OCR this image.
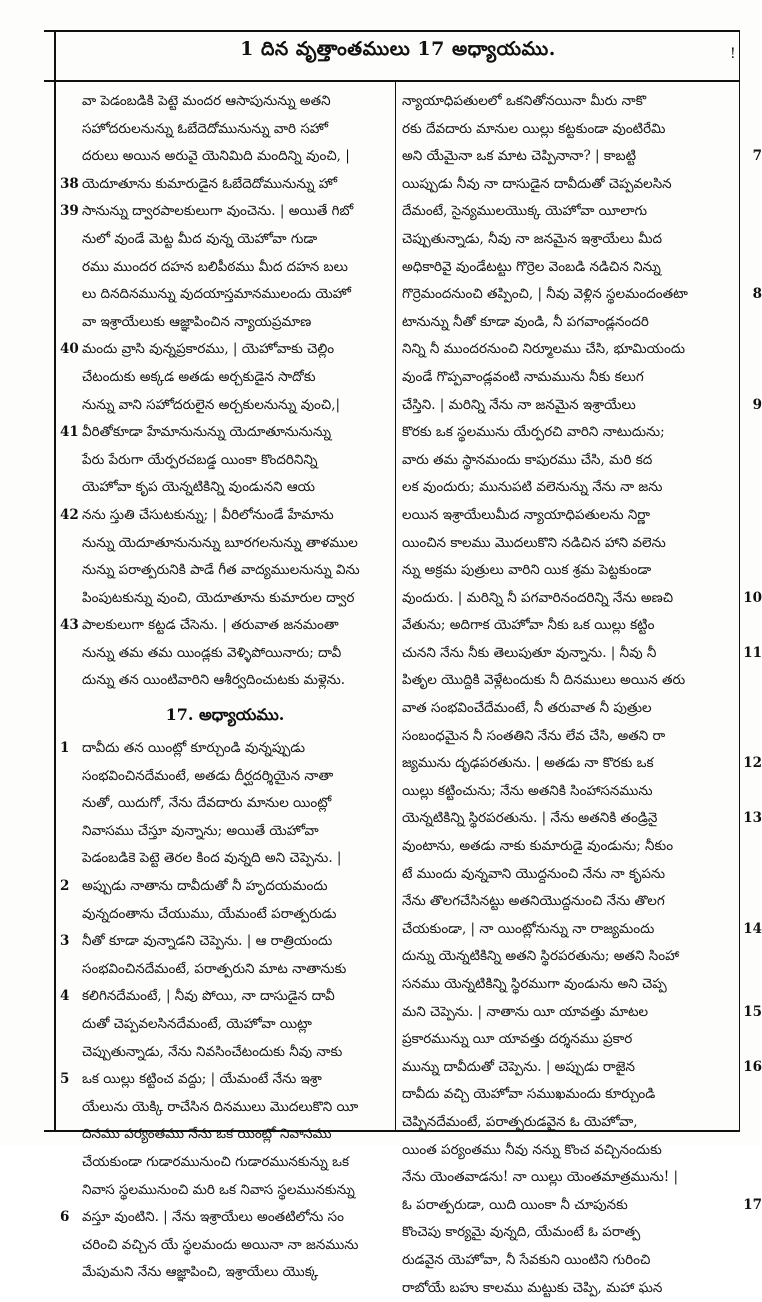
1 దిన వృత్తాంతములు 17 అధ్యాయము.	!
వా పెడంబడికి పెట్టె మందర ఆసాపునున్ను అతని
సహోదరులనున్ను ఓబేదెదోమునున్ను వారి సహో
దరులు అయిన అరువై యెనిమిది మందిన్ని వుంచి, |
38 యెదూతూను కుమారుడైన ఓబేదెదోమునున్ను హో
39 సానున్ను ద్వారపాలకులుగా వుంచెను. | అయితే గిబో
నులో వుండే మెట్ట మీద వున్న యెహోవా గుడా
రము ముందర దహన బలిపీఠము మీద దహన బలు
లు దినదినమున్ను వుదయాస్తమానములందు యెహో
వా ఇశ్రాయేలుకు ఆజ్ఞాపించిన న్యాయప్రమాణ
40 మందు వ్రాసి వున్నప్రకారము, | యెహోవాకు చెల్లిం
చేటందుకు అక్కడ అతడు అర్చకుడైన సాదోకు
నున్ను వాని సహోదరులైన అర్చకులనున్ను వుంచి,|
41 వీరితోకూడా హేమానునున్ను యెదూతూనునున్ను
పేరు పేరుగా యేర్పరచబడ్డ యింకా కొందరినిన్ని
యెహోవా కృప యెన్నటికిన్ని వుండునని ఆయ
42 నను స్తుతి చేసుటకున్ను; | వీరిలోనుండే హేమాను
నున్ను యెదూతూనునున్ను బూరగలనున్ను తాళముల
నున్ను పరాత్పరునికి పాడే గీత వాద్యములనున్ను విను
పింపుటకున్ను వుంచి, యెదూతూను కుమారుల ద్వార
43 పాలకులుగా కట్టడ చేసెను. | తరువాత జనమంతా
నున్ను తమ తమ యిండ్లకు వెళ్ళిపోయినారు; దావీ
దున్ను తన యింటివారిని ఆశీర్వదించుటకు మళ్లెను.
17. అధ్యాయము.
1 దావీదు తన యింట్లో కూర్చుండి వున్నప్పుడు
సంభవించినదేమంటే, అతడు దీర్ఘదర్శియైన నాతా
నుతో, యిదుగో, నేను దేవదారు మానుల యింట్లో
నివాసము చేస్తూ వున్నాను; అయితే యెహోవా
పెడంబడికె పెట్టె తెరల కింద వున్నది అని చెప్పెను. |
2 అప్పుడు నాతాను దావీదుతో నీ హృదయమందు
వున్నదంతాను చేయుము, యేమంటే పరాత్పరుడు
3 నీతో కూడా వున్నాడని చెప్పెను. | ఆ రాత్రియందు
సంభవించినదేమంటే, పరాత్పరుని మాట నాతానుకు
4 కలిగినదేమంటే, | నీవు పోయి, నా దాసుడైన దావీ
దుతో చెప్పవలసినదేమంటే, యెహోవా యిట్లా
చెప్పుతున్నాడు, నేను నివసించేటందుకు నీవు నాకు
5 ఒక యిల్లు కట్టించ వద్దు; | యేమంటే నేను ఇశ్రా
యేలును యెక్కి రాచేసిన దినములు మొదలుకొని యీ
దినము పర్యంతము నేను ఒక యింట్లో నివాసము
చేయకుండా గుడారమునుంచి గుడారమునకున్ను ఒక
నివాస స్థలమునుంచి మరి ఒక నివాస స్థలమునకున్ను
6 వస్తూ వుంటిని. | నేను ఇశ్రాయేలు అంతటిలోను సం
చరించి వచ్చిన యే స్థలమందు అయినా నా జనమును
మేపుమని నేను ఆజ్ఞాపించి, ఇశ్రాయేలు యొక్క
న్యాయాధిపతులలో ఒకనితోనయినా మీరు నాకొ
రకు దేవదారు మానుల యిల్లు కట్టకుండా వుంటిరేమి
అని యేమైనా ఒక మాట చెప్పినానా? | కాబట్టి	7
యిప్పుడు నీవు నా దాసుడైన దావీదుతో చెప్పవలసిన
దేమంటే, సైన్యములయొక్క యెహోవా యీలాగు
చెప్పుతున్నాడు, నీవు నా జనమైన ఇశ్రాయేలు మీద
అధికారివై వుండేటట్టు గొర్రెల వెంబడి నడిచిన నిన్ను
గొర్రెమందనుంచి తప్పించి, | నీవు వెళ్లిన స్థలమందంతటా	8
టానున్ను నీతో కూడా వుండి, నీ పగవాండ్లనందరి
నిన్ని నీ ముందరనుంచి నిర్మూలము చేసి, భూమియందు
వుండే గొప్పవాండ్లవంటి నామమును నీకు కలుగ
చేస్తిని. | మరిన్ని నేను నా జనమైన ఇశ్రాయేలు	9
కొరకు ఒక స్థలమును యేర్పరచి వారిని నాటుదును;
వారు తమ స్థానమందు కాపురము చేసి, మరి కద
లక వుందురు; మునుపటి వలెనున్ను నేను నా జను
లయిన ఇశ్రాయేలుమీద న్యాయాధిపతులను నిర్ణా
యించిన కాలము మొదలుకొని నడిచిన హాని వలెను
న్ను అక్రమ పుత్రులు వారిని యిక శ్రమ పెట్టకుండా
వుందురు. | మరిన్ని నీ పగవారినందరిన్ని నేను అణచి	10
వేతును; అదిగాక యెహోవా నీకు ఒక యిల్లు కట్టిం
చునని నేను నీకు తెలుపుతూ వున్నాను. | నీవు నీ	11
పితృల యొద్దికి వెళ్లేటందుకు నీ దినములు అయిన తరు
వాత సంభవించేదేమంటే, నీ తరువాత నీ పుత్రుల
సంబంధమైన నీ సంతతిని నేను లేవ చేసి, అతని రా
జ్యమును దృఢపరతును. | అతడు నా కొరకు ఒక	12
యిల్లు కట్టించును; నేను అతనికి సింహాసనమును
యెన్నటికిన్ని స్థిరపరతును. | నేను అతనికి తండ్రినై	13
వుంటాను, అతడు నాకు కుమారుడై వుండును; నీకుం
టే ముందు వున్నవాని యొద్దనుంచి నేను నా కృపను
నేను తొలగచేసినట్టు అతనియొద్దనుంచి నేను తొలగ
చేయకుండా, | నా యింట్లోనున్ను నా రాజ్యమందు	14
దున్ను యెన్నటికిన్ని అతని స్థిరపరతును; అతని సింహా
సనము యెన్నటికిన్ని స్థిరముగా వుండును అని చెప్ప
మని చెప్పెను. | నాతాను యీ యావత్తు మాటల	15
ప్రకారమున్ను యీ యావత్తు దర్శనము ప్రకార
మున్ను దావీదుతో చెప్పెను. | అప్పుడు రాజైన	16
దావీదు వచ్చి యెహోవా సముఖమందు కూర్చుండి
చెప్పినదేమంటే, పరాత్పరుడవైన ఓ యెహోవా,
యింత పర్యంతము నీవు నన్ను కొంచ వచ్చినందుకు
నేను యెంతవాడను! నా యిల్లు యెంతమాత్రమును! |
ఓ పరాత్పరుడా, యిది యింకా నీ చూపునకు	17
కొంచెపు కార్యమై వున్నది, యేమంటే ఓ పరాత్ప
రుడవైన యెహోవా, నీ సేవకుని యింటిని గురించి
రాబోయే బహు కాలము మట్టుకు చెప్పి, మహా ఘన
